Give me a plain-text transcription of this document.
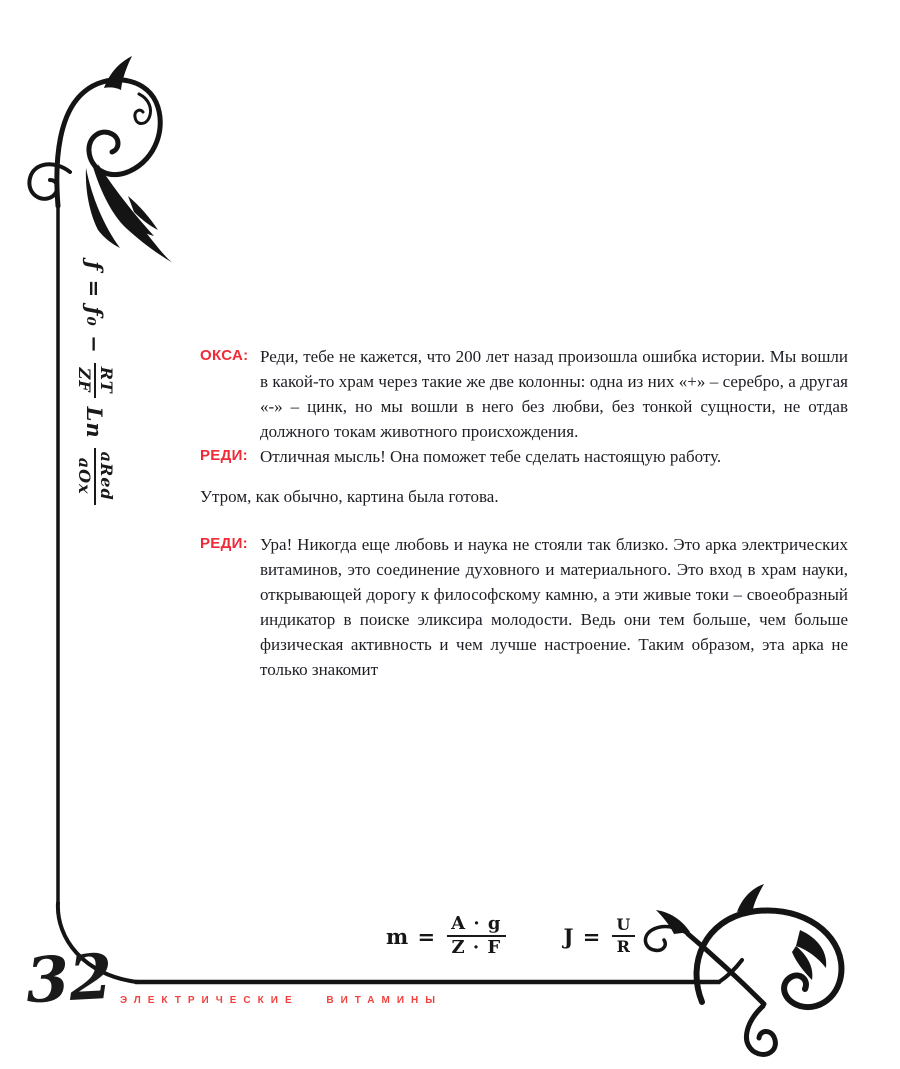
ƒ = ƒ₀ −
RT
ZF
Ln
aRed
aOx
ОКСА: Реди, тебе не кажется, что 200 лет назад произошла ошибка истории. Мы вошли в какой-то храм через такие же две колонны: одна из них «+» – серебро, а другая «-» – цинк, но мы вошли в него без любви, без тонкой сущности, не отдав должного токам животного происхождения.

РЕДИ: Отличная мысль! Она поможет тебе сделать настоящую работу.

Утром, как обычно, картина была готова.

РЕДИ: Ура! Никогда еще любовь и наука не стояли так близко. Это арка электрических витаминов, это соединение духовного и материального. Это вход в храм науки, открывающей дорогу к философскому камню, а эти живые токи – своеобразный индикатор в поиске эликсира молодости. Ведь они тем больше, чем больше физическая активность и чем лучше настроение. Таким образом, эта арка не только знакомит

$m = \frac{A \cdot g}{Z \cdot F}$	$J = \frac{U}{R}$
32 ЭЛЕКТРИЧЕСКИЕ ВИТАМИНЫ
